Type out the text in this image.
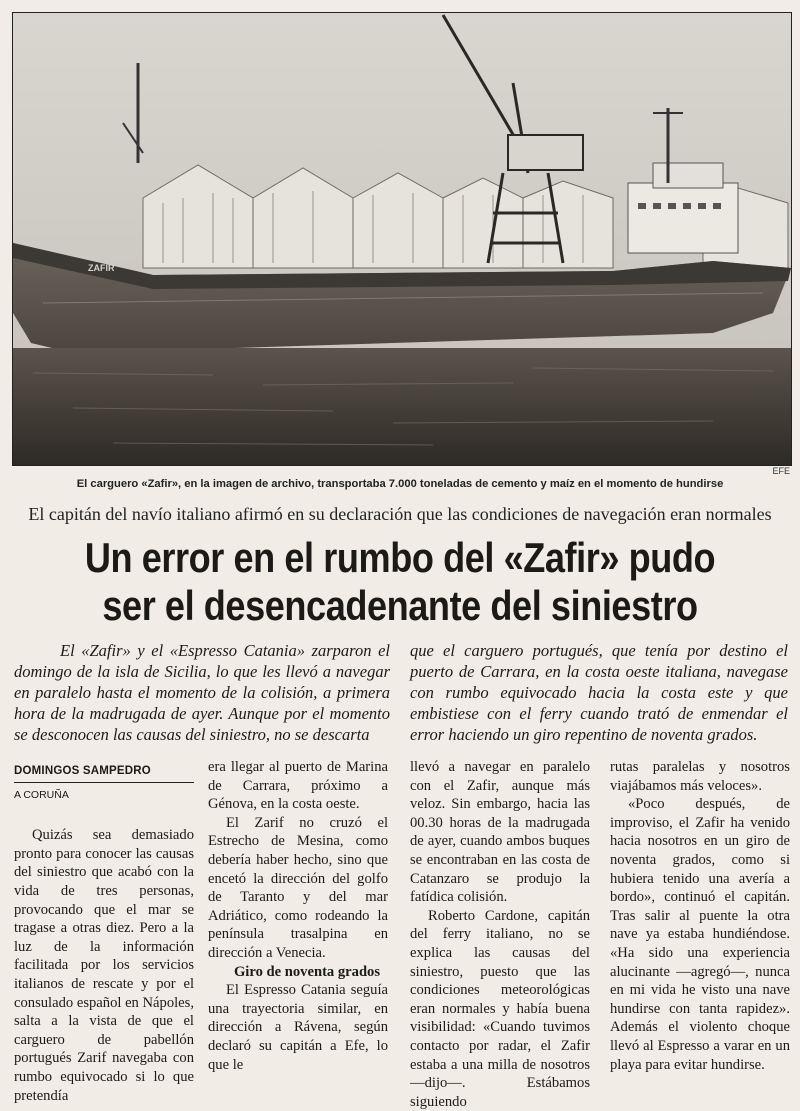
ZAFIR
EFE
El carguero «Zafir», en la imagen de archivo, transportaba 7.000 toneladas de cemento y maíz en el momento de hundirse
El capitán del navío italiano afirmó en su declaración que las condiciones de navegación eran normales
Un error en el rumbo del «Zafir» pudo
ser el desencadenante del siniestro

El «Zafir» y el «Espresso Catania» zarparon el domingo de la isla de Sicilia, lo que les llevó a navegar en paralelo hasta el momento de la colisión, a primera hora de la madrugada de ayer. Aunque por el momento se desconocen las causas del siniestro, no se descarta

que el carguero portugués, que tenía por destino el puerto de Carrara, en la costa oeste italiana, navegase con rumbo equivocado hacia la costa este y que embistiese con el ferry cuando trató de enmendar el error haciendo un giro repentino de noventa grados.

DOMINGOS SAMPEDRO
A CORUÑA

Quizás sea demasiado pronto para conocer las causas del siniestro que acabó con la vida de tres personas, provocando que el mar se tragase a otras diez. Pero a la luz de la información facilitada por los servicios italianos de rescate y por el consulado español en Nápoles, salta a la vista de que el carguero de pabellón portugués Zarif navegaba con rumbo equivocado si lo que pretendía

era llegar al puerto de Marina de Carrara, próximo a Génova, en la costa oeste.

El Zarif no cruzó el Estrecho de Mesina, como debería haber hecho, sino que encetó la dirección del golfo de Taranto y del mar Adriático, como rodeando la península trasalpina en dirección a Venecia.

Giro de noventa grados

El Espresso Catania seguía una trayectoria similar, en dirección a Rávena, según declaró su capitán a Efe, lo que le

llevó a navegar en paralelo con el Zafir, aunque más veloz. Sin embargo, hacia las 00.30 horas de la madrugada de ayer, cuando ambos buques se encontraban en las costa de Catanzaro se produjo la fatídica colisión.

Roberto Cardone, capitán del ferry italiano, no se explica las causas del siniestro, puesto que las condiciones meteorológicas eran normales y había buena visibilidad: «Cuando tuvimos contacto por radar, el Zafir estaba a una milla de nosotros —dijo—. Estábamos siguiendo

rutas paralelas y nosotros viajábamos más veloces».

«Poco después, de improviso, el Zafir ha venido hacia nosotros en un giro de noventa grados, como si hubiera tenido una avería a bordo», continuó el capitán. Tras salir al puente la otra nave ya estaba hundiéndose. «Ha sido una experiencia alucinante —agregó—, nunca en mi vida he visto una nave hundirse con tanta rapidez». Además el violento choque llevó al Espresso a varar en un playa para evitar hundirse.
